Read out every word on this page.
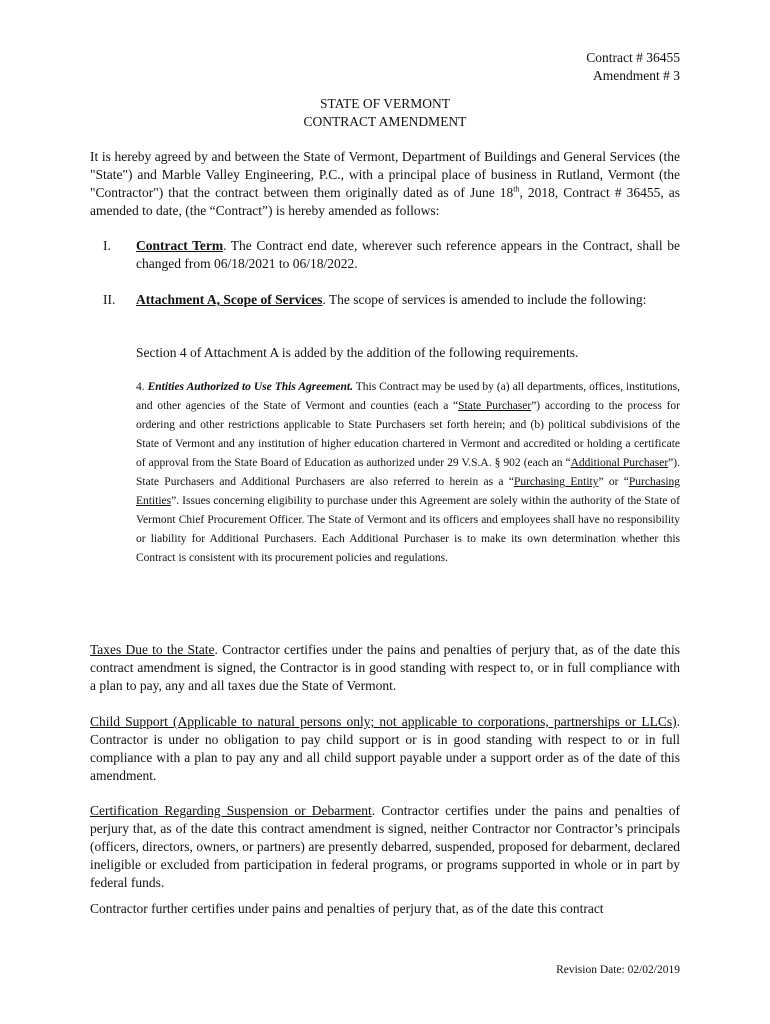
Contract # 36455
Amendment # 3
STATE OF VERMONT
CONTRACT AMENDMENT
It is hereby agreed by and between the State of Vermont, Department of Buildings and General Services (the "State") and Marble Valley Engineering, P.C., with a principal place of business in Rutland, Vermont (the "Contractor") that the contract between them originally dated as of June 18th, 2018, Contract # 36455, as amended to date, (the “Contract”) is hereby amended as follows:
I. Contract Term. The Contract end date, wherever such reference appears in the Contract, shall be changed from 06/18/2021 to 06/18/2022.
II. Attachment A, Scope of Services. The scope of services is amended to include the following:
Section 4 of Attachment A is added by the addition of the following requirements.
4. Entities Authorized to Use This Agreement. This Contract may be used by (a) all departments, offices, institutions, and other agencies of the State of Vermont and counties (each a “State Purchaser”) according to the process for ordering and other restrictions applicable to State Purchasers set forth herein; and (b) political subdivisions of the State of Vermont and any institution of higher education chartered in Vermont and accredited or holding a certificate of approval from the State Board of Education as authorized under 29 V.S.A. § 902 (each an “Additional Purchaser”). State Purchasers and Additional Purchasers are also referred to herein as a “Purchasing Entity” or “Purchasing Entities”. Issues concerning eligibility to purchase under this Agreement are solely within the authority of the State of Vermont Chief Procurement Officer. The State of Vermont and its officers and employees shall have no responsibility or liability for Additional Purchasers. Each Additional Purchaser is to make its own determination whether this Contract is consistent with its procurement policies and regulations.
Taxes Due to the State. Contractor certifies under the pains and penalties of perjury that, as of the date this contract amendment is signed, the Contractor is in good standing with respect to, or in full compliance with a plan to pay, any and all taxes due the State of Vermont.
Child Support (Applicable to natural persons only; not applicable to corporations, partnerships or LLCs). Contractor is under no obligation to pay child support or is in good standing with respect to or in full compliance with a plan to pay any and all child support payable under a support order as of the date of this amendment.
Certification Regarding Suspension or Debarment. Contractor certifies under the pains and penalties of perjury that, as of the date this contract amendment is signed, neither Contractor nor Contractor’s principals (officers, directors, owners, or partners) are presently debarred, suspended, proposed for debarment, declared ineligible or excluded from participation in federal programs, or programs supported in whole or in part by federal funds.
Contractor further certifies under pains and penalties of perjury that, as of the date this contract
Revision Date: 02/02/2019
